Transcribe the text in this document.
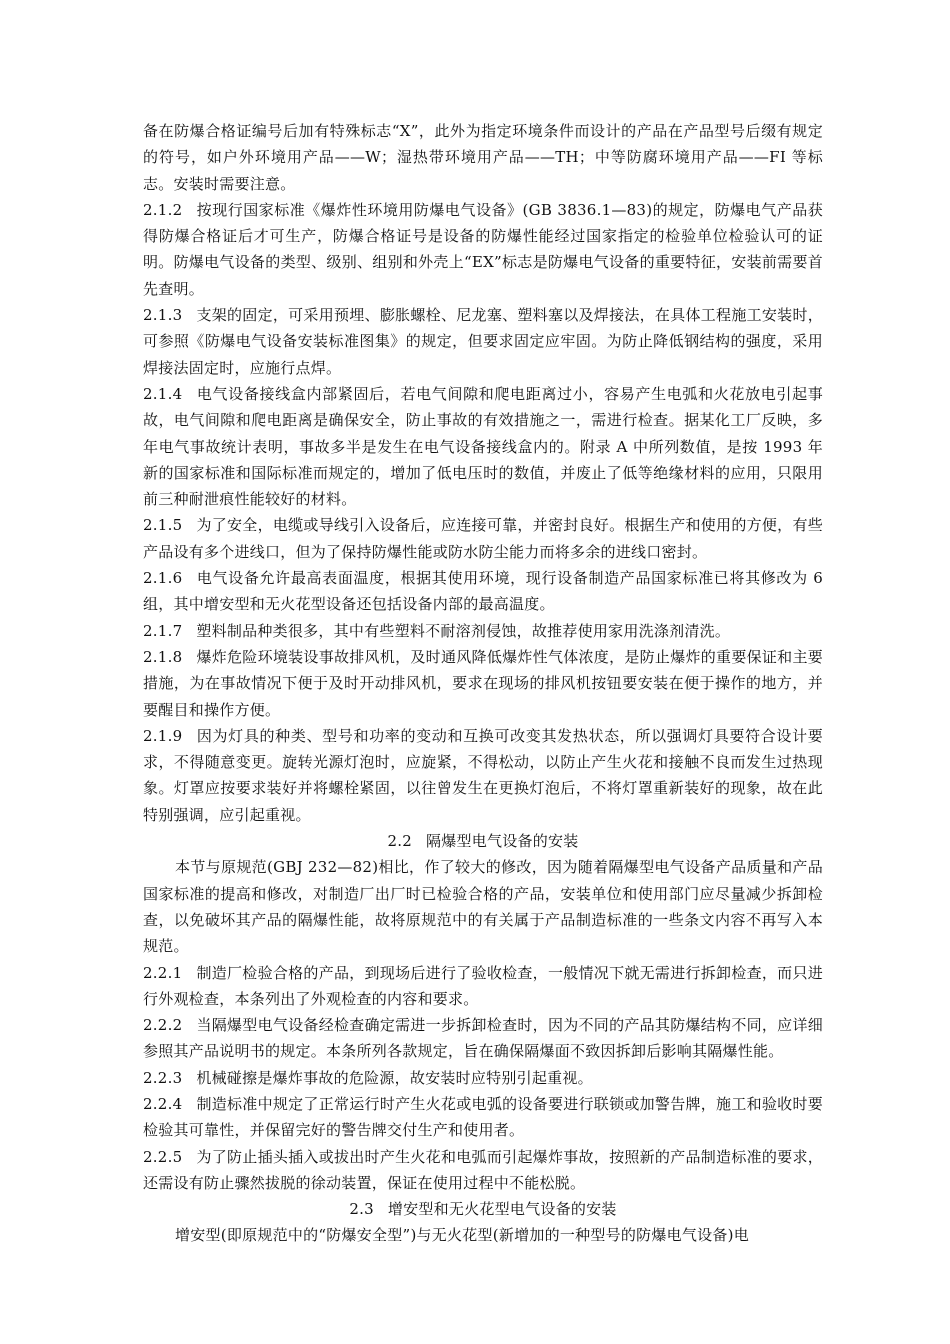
备在防爆合格证编号后加有特殊标志“X”，此外为指定环境条件而设计的产品在产品型号后缀有规定的符号，如户外环境用产品——W；湿热带环境用产品——TH；中等防腐环境用产品——FI 等标志。安装时需要注意。

2.1.2 按现行国家标准《爆炸性环境用防爆电气设备》(GB 3836.1—83)的规定，防爆电气产品获得防爆合格证后才可生产，防爆合格证号是设备的防爆性能经过国家指定的检验单位检验认可的证明。防爆电气设备的类型、级别、组别和外壳上“EX”标志是防爆电气设备的重要特征，安装前需要首先查明。

2.1.3 支架的固定，可采用预埋、膨胀螺栓、尼龙塞、塑料塞以及焊接法，在具体工程施工安装时，可参照《防爆电气设备安装标准图集》的规定，但要求固定应牢固。为防止降低钢结构的强度，采用焊接法固定时，应施行点焊。

2.1.4 电气设备接线盒内部紧固后，若电气间隙和爬电距离过小，容易产生电弧和火花放电引起事故，电气间隙和爬电距离是确保安全，防止事故的有效措施之一，需进行检查。据某化工厂反映，多年电气事故统计表明，事故多半是发生在电气设备接线盒内的。附录 A 中所列数值，是按 1993 年新的国家标准和国际标准而规定的，增加了低电压时的数值，并废止了低等绝缘材料的应用，只限用前三种耐泄痕性能较好的材料。

2.1.5 为了安全，电缆或导线引入设备后，应连接可靠，并密封良好。根据生产和使用的方便，有些产品设有多个进线口，但为了保持防爆性能或防水防尘能力而将多余的进线口密封。

2.1.6 电气设备允许最高表面温度，根据其使用环境，现行设备制造产品国家标准已将其修改为 6 组，其中增安型和无火花型设备还包括设备内部的最高温度。

2.1.7 塑料制品种类很多，其中有些塑料不耐溶剂侵蚀，故推荐使用家用洗涤剂清洗。

2.1.8 爆炸危险环境装设事故排风机，及时通风降低爆炸性气体浓度，是防止爆炸的重要保证和主要措施，为在事故情况下便于及时开动排风机，要求在现场的排风机按钮要安装在便于操作的地方，并要醒目和操作方便。

2.1.9 因为灯具的种类、型号和功率的变动和互换可改变其发热状态，所以强调灯具要符合设计要求，不得随意变更。旋转光源灯泡时，应旋紧，不得松动，以防止产生火花和接触不良而发生过热现象。灯罩应按要求装好并将螺栓紧固，以往曾发生在更换灯泡后，不将灯罩重新装好的现象，故在此特别强调，应引起重视。

2.2 隔爆型电气设备的安装

本节与原规范(GBJ 232—82)相比，作了较大的修改，因为随着隔爆型电气设备产品质量和产品国家标准的提高和修改，对制造厂出厂时已检验合格的产品，安装单位和使用部门应尽量减少拆卸检查，以免破坏其产品的隔爆性能，故将原规范中的有关属于产品制造标准的一些条文内容不再写入本规范。

2.2.1 制造厂检验合格的产品，到现场后进行了验收检查，一般情况下就无需进行拆卸检查，而只进行外观检查，本条列出了外观检查的内容和要求。

2.2.2 当隔爆型电气设备经检查确定需进一步拆卸检查时，因为不同的产品其防爆结构不同，应详细参照其产品说明书的规定。本条所列各款规定，旨在确保隔爆面不致因拆卸后影响其隔爆性能。

2.2.3 机械碰擦是爆炸事故的危险源，故安装时应特别引起重视。

2.2.4 制造标准中规定了正常运行时产生火花或电弧的设备要进行联锁或加警告牌，施工和验收时要检验其可靠性，并保留完好的警告牌交付生产和使用者。

2.2.5 为了防止插头插入或拔出时产生火花和电弧而引起爆炸事故，按照新的产品制造标准的要求，还需设有防止骤然拔脱的徐动装置，保证在使用过程中不能松脱。

2.3 增安型和无火花型电气设备的安装

增安型(即原规范中的“防爆安全型”)与无火花型(新增加的一种型号的防爆电气设备)电
